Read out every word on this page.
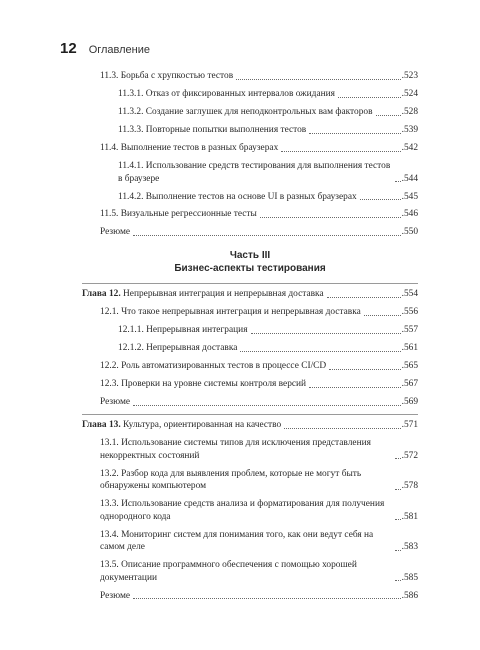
12 Оглавление
11.3. Борьба с хрупкостью тестов	.523
11.3.1. Отказ от фиксированных интервалов ожидания	.524
11.3.2. Создание заглушек для неподконтрольных вам факторов	.528
11.3.3. Повторные попытки выполнения тестов	.539
11.4. Выполнение тестов в разных браузерах	.542
11.4.1. Использование средств тестирования для выполнения тестов в браузере	.544
11.4.2. Выполнение тестов на основе UI в разных браузерах	.545
11.5. Визуальные регрессионные тесты	.546
Резюме	.550
Часть III
Бизнес-аспекты тестирования
Глава 12. Непрерывная интеграция и непрерывная доставка	.554
12.1. Что такое непрерывная интеграция и непрерывная доставка	.556
12.1.1. Непрерывная интеграция	.557
12.1.2. Непрерывная доставка	.561
12.2. Роль автоматизированных тестов в процессе CI/CD	.565
12.3. Проверки на уровне системы контроля версий	.567
Резюме	.569
Глава 13. Культура, ориентированная на качество	.571
13.1. Использование системы типов для исключения представления некорректных состояний	.572
13.2. Разбор кода для выявления проблем, которые не могут быть обнаружены компьютером	.578
13.3. Использование средств анализа и форматирования для получения однородного кода	.581
13.4. Мониторинг систем для понимания того, как они ведут себя на самом деле	.583
13.5. Описание программного обеспечения с помощью хорошей документации	.585
Резюме	.586
